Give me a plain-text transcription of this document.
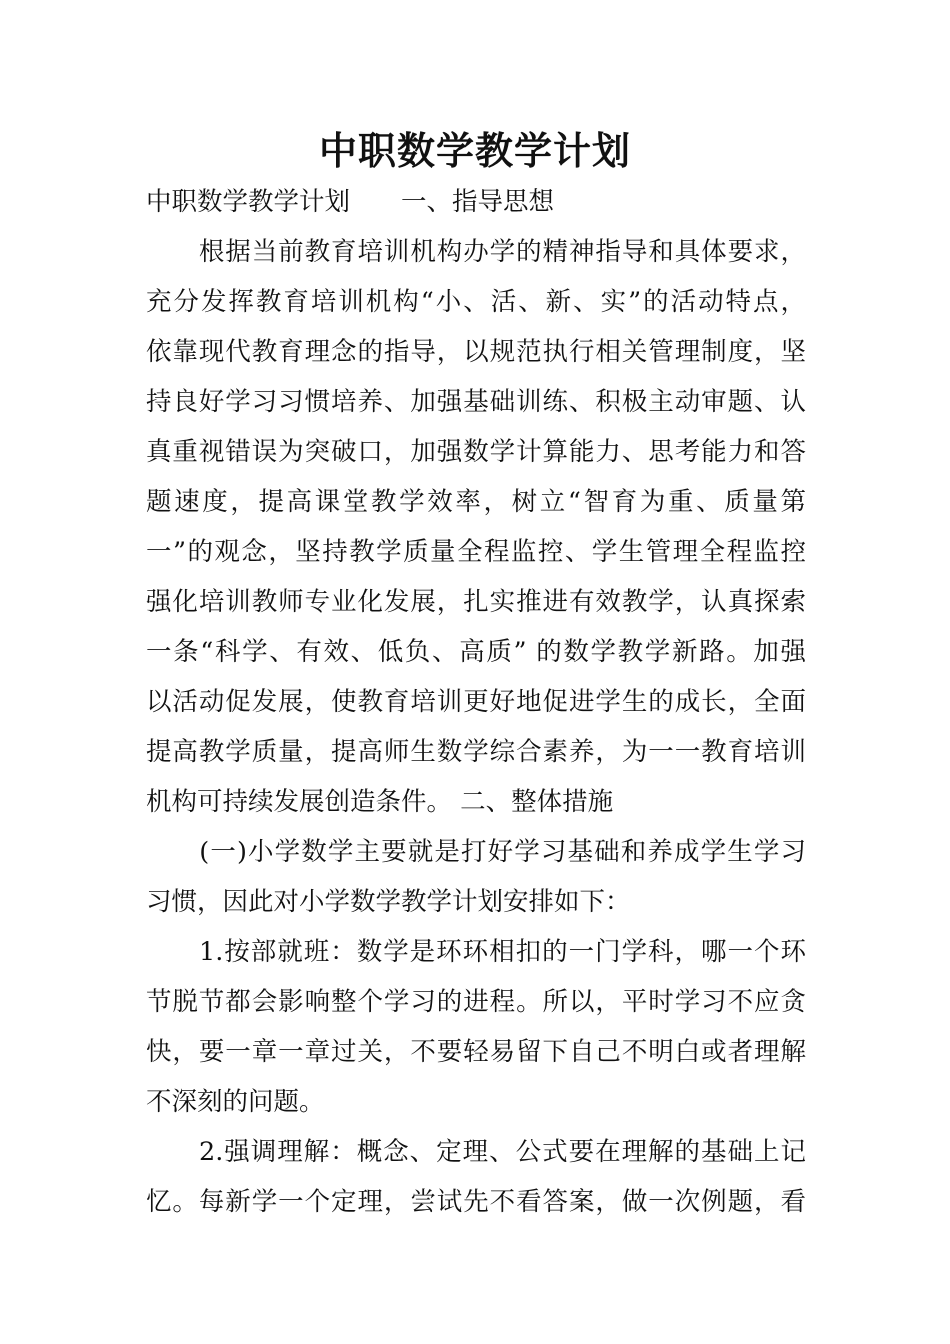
中职数学教学计划
中职数学教学计划　　一、指导思想
　　根据当前教育培训机构办学的精神指导和具体要求，
充分发挥教育培训机构“小、活、新、实”的活动特点，
依靠现代教育理念的指导，以规范执行相关管理制度，坚
持良好学习习惯培养、加强基础训练、积极主动审题、认
真重视错误为突破口，加强数学计算能力、思考能力和答
题速度，提高课堂教学效率，树立“智育为重、质量第
一”的观念，坚持教学质量全程监控、学生管理全程监控
强化培训教师专业化发展，扎实推进有效教学，认真探索
一条“科学、有效、低负、高质” 的数学教学新路。加强
以活动促发展，使教育培训更好地促进学生的成长，全面
提高教学质量，提高师生数学综合素养，为一一教育培训
机构可持续发展创造条件。 二、整体措施
　　(一)小学数学主要就是打好学习基础和养成学生学习
习惯，因此对小学数学教学计划安排如下：
　　1.按部就班：数学是环环相扣的一门学科，哪一个环
节脱节都会影响整个学习的进程。所以，平时学习不应贪
快，要一章一章过关，不要轻易留下自己不明白或者理解
不深刻的问题。
　　2.强调理解：概念、定理、公式要在理解的基础上记
忆。每新学一个定理，尝试先不看答案，做一次例题，看
